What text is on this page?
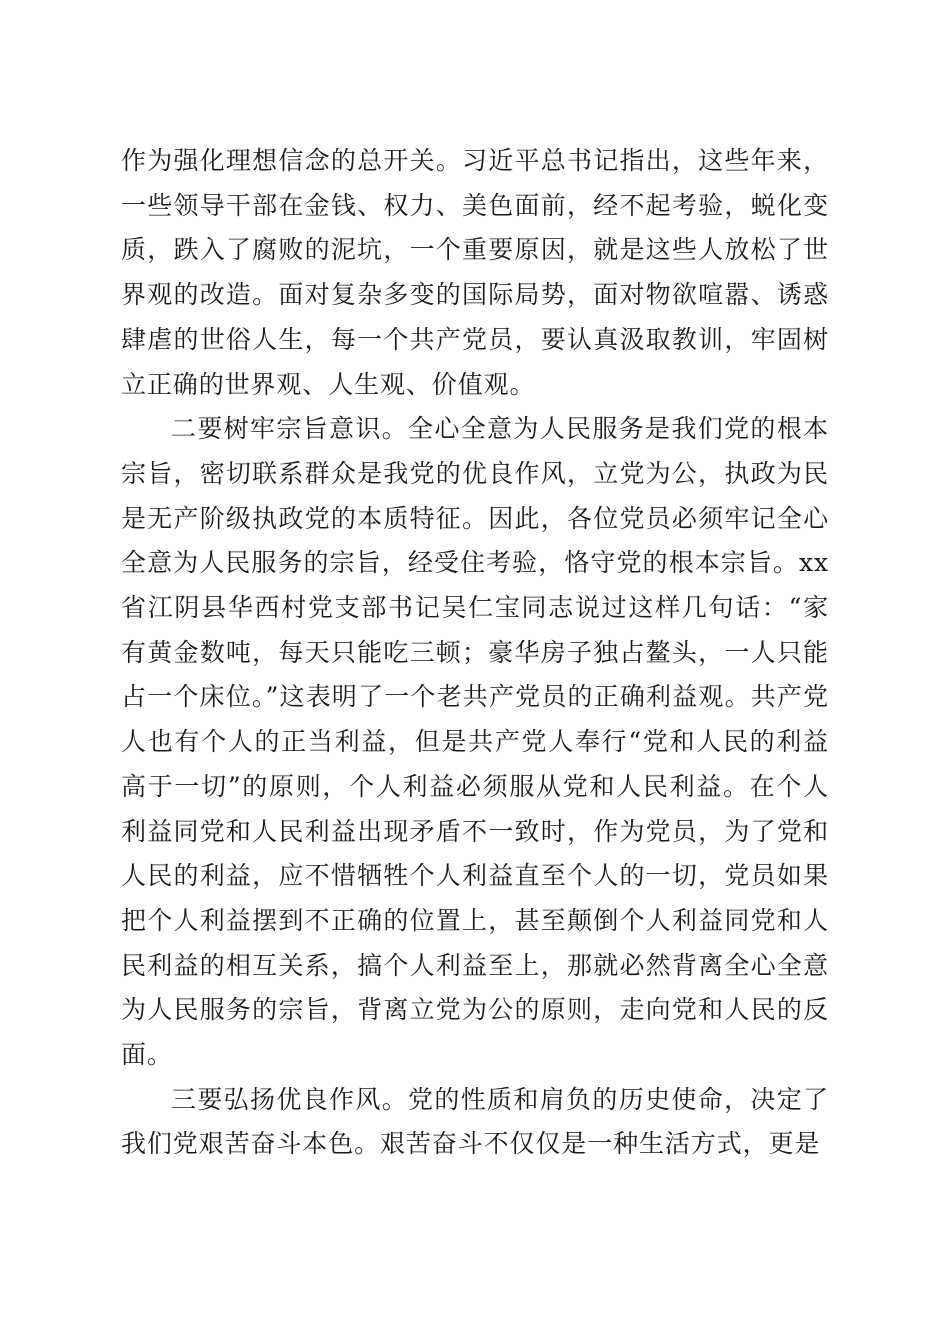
作为强化理想信念的总开关。习近平总书记指出，这些年来，一些领导干部在金钱、权力、美色面前，经不起考验，蜕化变质，跌入了腐败的泥坑，一个重要原因，就是这些人放松了世界观的改造。面对复杂多变的国际局势，面对物欲喧嚣、诱惑肆虐的世俗人生，每一个共产党员，要认真汲取教训，牢固树立正确的世界观、人生观、价值观。

二要树牢宗旨意识。全心全意为人民服务是我们党的根本宗旨，密切联系群众是我党的优良作风，立党为公，执政为民是无产阶级执政党的本质特征。因此，各位党员必须牢记全心全意为人民服务的宗旨，经受住考验，恪守党的根本宗旨。xx省江阴县华西村党支部书记吴仁宝同志说过这样几句话：“家有黄金数吨，每天只能吃三顿；豪华房子独占鳌头，一人只能占一个床位。”这表明了一个老共产党员的正确利益观。共产党人也有个人的正当利益，但是共产党人奉行“党和人民的利益高于一切”的原则，个人利益必须服从党和人民利益。在个人利益同党和人民利益出现矛盾不一致时，作为党员，为了党和人民的利益，应不惜牺牲个人利益直至个人的一切，党员如果把个人利益摆到不正确的位置上，甚至颠倒个人利益同党和人民利益的相互关系，搞个人利益至上，那就必然背离全心全意为人民服务的宗旨，背离立党为公的原则，走向党和人民的反面。

三要弘扬优良作风。党的性质和肩负的历史使命，决定了我们党艰苦奋斗本色。艰苦奋斗不仅仅是一种生活方式，更是
